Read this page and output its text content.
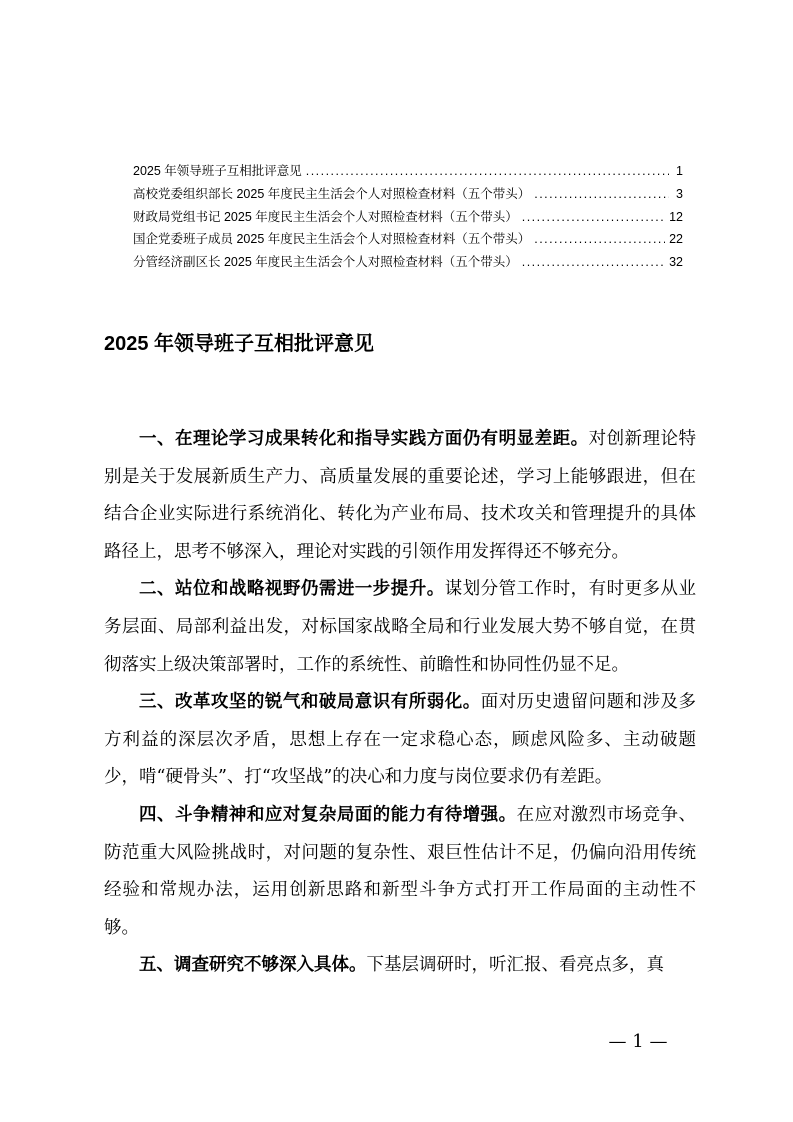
2025 年领导班子互相批评意见 . . .	1
高校党委组织部长 2025 年度民主生活会个人对照检查材料（五个带头） . . .	3
财政局党组书记 2025 年度民主生活会个人对照检查材料（五个带头） . . .	12
国企党委班子成员 2025 年度民主生活会个人对照检查材料（五个带头） . . .	22
分管经济副区长 2025 年度民主生活会个人对照检查材料（五个带头） . . .	32
2025 年领导班子互相批评意见

一、在理论学习成果转化和指导实践方面仍有明显差距。对创新理论特别是关于发展新质生产力、高质量发展的重要论述，学习上能够跟进，但在结合企业实际进行系统消化、转化为产业布局、技术攻关和管理提升的具体路径上，思考不够深入，理论对实践的引领作用发挥得还不够充分。

二、站位和战略视野仍需进一步提升。谋划分管工作时，有时更多从业务层面、局部利益出发，对标国家战略全局和行业发展大势不够自觉，在贯彻落实上级决策部署时，工作的系统性、前瞻性和协同性仍显不足。

三、改革攻坚的锐气和破局意识有所弱化。面对历史遗留问题和涉及多方利益的深层次矛盾，思想上存在一定求稳心态，顾虑风险多、主动破题少，啃“硬骨头”、打“攻坚战”的决心和力度与岗位要求仍有差距。

四、斗争精神和应对复杂局面的能力有待增强。在应对激烈市场竞争、防范重大风险挑战时，对问题的复杂性、艰巨性估计不足，仍偏向沿用传统经验和常规办法，运用创新思路和新型斗争方式打开工作局面的主动性不够。

五、调查研究不够深入具体。下基层调研时，听汇报、看亮点多，真

— 1 —
